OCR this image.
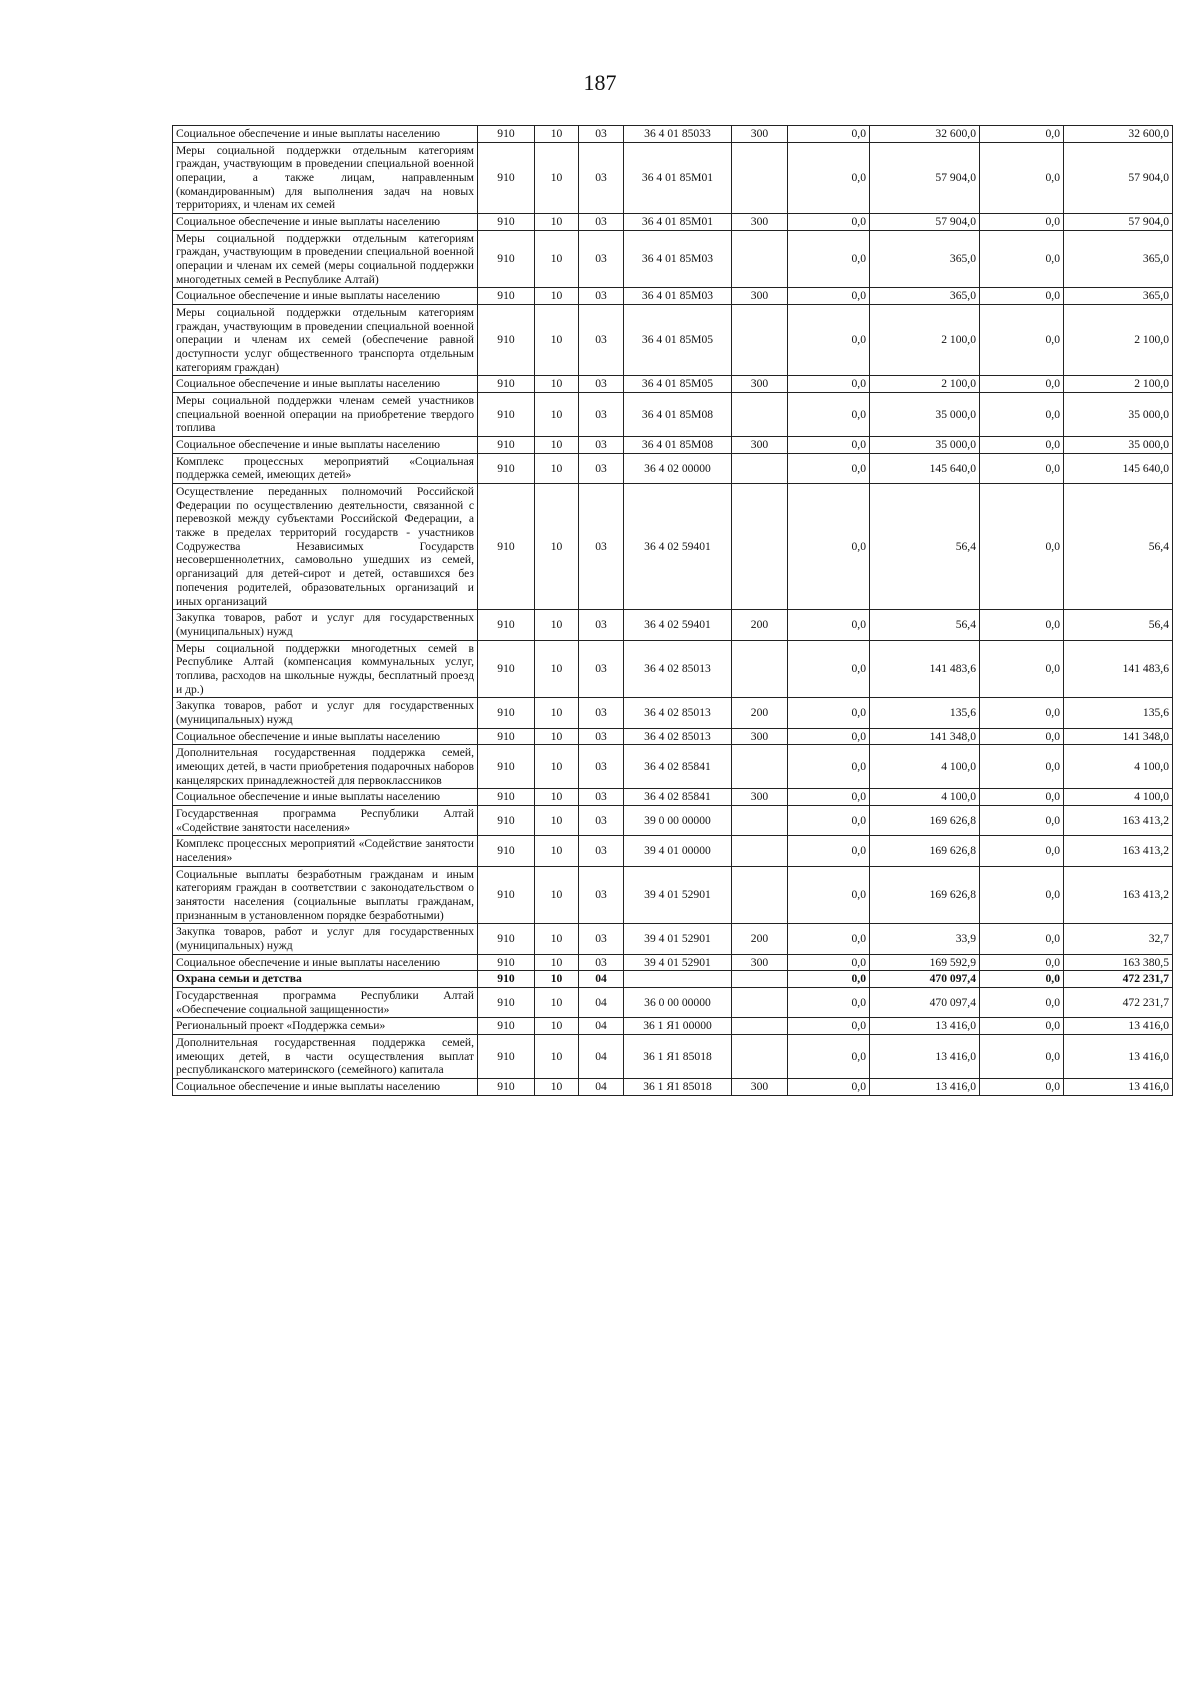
187
Социальное обеспечение и иные выплаты населению	910	10	03	36 4 01 85033	300	0,0	32 600,0	0,0	32 600,0
Меры социальной поддержки отдельным категориям граждан, участвующим в проведении специальной военной операции, а также лицам, направленным (командированным) для выполнения задач на новых территориях, и членам их семей	910	10	03	36 4 01 85М01		0,0	57 904,0	0,0	57 904,0
Социальное обеспечение и иные выплаты населению	910	10	03	36 4 01 85М01	300	0,0	57 904,0	0,0	57 904,0
Меры социальной поддержки отдельным категориям граждан, участвующим в проведении специальной военной операции и членам их семей (меры социальной поддержки многодетных семей в Республике Алтай)	910	10	03	36 4 01 85М03		0,0	365,0	0,0	365,0
Социальное обеспечение и иные выплаты населению	910	10	03	36 4 01 85М03	300	0,0	365,0	0,0	365,0
Меры социальной поддержки отдельным категориям граждан, участвующим в проведении специальной военной операции и членам их семей (обеспечение равной доступности услуг общественного транспорта отдельным категориям граждан)	910	10	03	36 4 01 85М05		0,0	2 100,0	0,0	2 100,0
Социальное обеспечение и иные выплаты населению	910	10	03	36 4 01 85М05	300	0,0	2 100,0	0,0	2 100,0
Меры социальной поддержки членам семей участников специальной военной операции на приобретение твердого топлива	910	10	03	36 4 01 85М08		0,0	35 000,0	0,0	35 000,0
Социальное обеспечение и иные выплаты населению	910	10	03	36 4 01 85М08	300	0,0	35 000,0	0,0	35 000,0
Комплекс процессных мероприятий «Социальная поддержка семей, имеющих детей»	910	10	03	36 4 02 00000		0,0	145 640,0	0,0	145 640,0
Осуществление переданных полномочий Российской Федерации по осуществлению деятельности, связанной с перевозкой между субъектами Российской Федерации, а также в пределах территорий государств - участников Содружества Независимых Государств несовершеннолетних, самовольно ушедших из семей, организаций для детей-сирот и детей, оставшихся без попечения родителей, образовательных организаций и иных организаций	910	10	03	36 4 02 59401		0,0	56,4	0,0	56,4
Закупка товаров, работ и услуг для государственных (муниципальных) нужд	910	10	03	36 4 02 59401	200	0,0	56,4	0,0	56,4
Меры социальной поддержки многодетных семей в Республике Алтай (компенсация коммунальных услуг, топлива, расходов на школьные нужды, бесплатный проезд и др.)	910	10	03	36 4 02 85013		0,0	141 483,6	0,0	141 483,6
Закупка товаров, работ и услуг для государственных (муниципальных) нужд	910	10	03	36 4 02 85013	200	0,0	135,6	0,0	135,6
Социальное обеспечение и иные выплаты населению	910	10	03	36 4 02 85013	300	0,0	141 348,0	0,0	141 348,0
Дополнительная государственная поддержка семей, имеющих детей, в части приобретения подарочных наборов канцелярских принадлежностей для первоклассников	910	10	03	36 4 02 85841		0,0	4 100,0	0,0	4 100,0
Социальное обеспечение и иные выплаты населению	910	10	03	36 4 02 85841	300	0,0	4 100,0	0,0	4 100,0
Государственная программа Республики Алтай «Содействие занятости населения»	910	10	03	39 0 00 00000		0,0	169 626,8	0,0	163 413,2
Комплекс процессных мероприятий «Содействие занятости населения»	910	10	03	39 4 01 00000		0,0	169 626,8	0,0	163 413,2
Социальные выплаты безработным гражданам и иным категориям граждан в соответствии с законодательством о занятости населения (социальные выплаты гражданам, признанным в установленном порядке безработными)	910	10	03	39 4 01 52901		0,0	169 626,8	0,0	163 413,2
Закупка товаров, работ и услуг для государственных (муниципальных) нужд	910	10	03	39 4 01 52901	200	0,0	33,9	0,0	32,7
Социальное обеспечение и иные выплаты населению	910	10	03	39 4 01 52901	300	0,0	169 592,9	0,0	163 380,5
Охрана семьи и детства	910	10	04			0,0	470 097,4	0,0	472 231,7
Государственная программа Республики Алтай «Обеспечение социальной защищенности»	910	10	04	36 0 00 00000		0,0	470 097,4	0,0	472 231,7
Региональный проект «Поддержка семьи»	910	10	04	36 1 Я1 00000		0,0	13 416,0	0,0	13 416,0
Дополнительная государственная поддержка семей, имеющих детей, в части осуществления выплат республиканского материнского (семейного) капитала	910	10	04	36 1 Я1 85018		0,0	13 416,0	0,0	13 416,0
Социальное обеспечение и иные выплаты населению	910	10	04	36 1 Я1 85018	300	0,0	13 416,0	0,0	13 416,0
